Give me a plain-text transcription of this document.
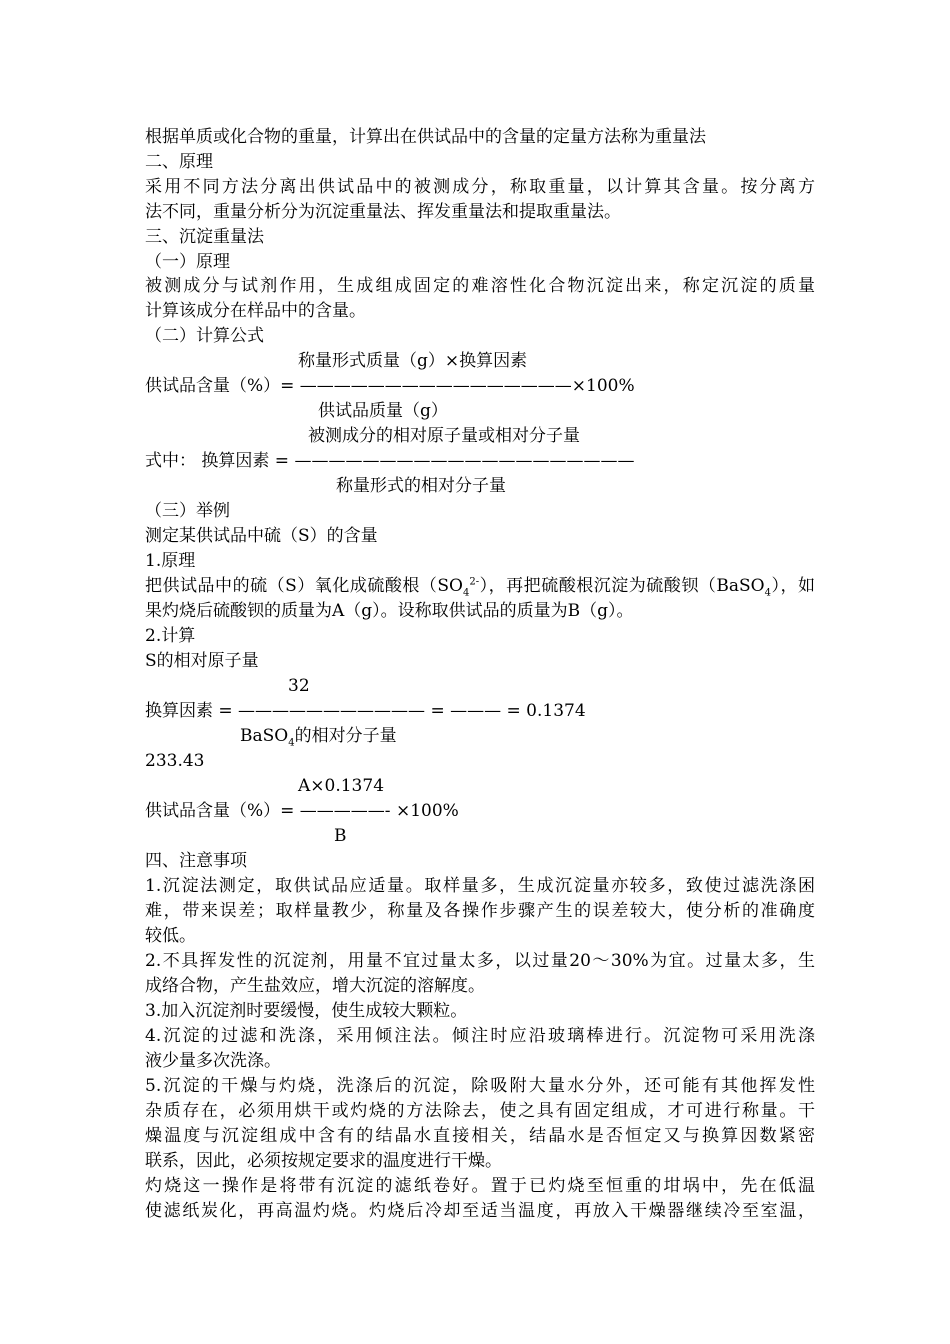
根据单质或化合物的重量，计算出在供试品中的含量的定量方法称为重量法
二、原理
采用不同方法分离出供试品中的被测成分，称取重量，以计算其含量。按分离方
法不同，重量分析分为沉淀重量法、挥发重量法和提取重量法。
三、沉淀重量法
（一）原理
被测成分与试剂作用，生成组成固定的难溶性化合物沉淀出来，称定沉淀的质量
计算该成分在样品中的含量。
（二）计算公式
称量形式质量（g）×换算因素
供试品含量（%）= ————————————————×100%
供试品质量（g）
被测成分的相对原子量或相对分子量
式中： 换算因素 = ————————————————————
称量形式的相对分子量
（三）举例
测定某供试品中硫（S）的含量
1.原理
把供试品中的硫（S）氧化成硫酸根$(SO_4^{2-})$，再把硫酸根沉淀为硫酸钡（BaSO$_4$），如
果灼烧后硫酸钡的质量为A（g）。设称取供试品的质量为B（g）。
2.计算
S的相对原子量
32
换算因素 = ——————————— = ——— = 0.1374
BaSO$_4$的相对分子量
233.43
A×0.1374
供试品含量（%）= —————- ×100%
B
四、注意事项
1.沉淀法测定，取供试品应适量。取样量多，生成沉淀量亦较多，致使过滤洗涤困
难，带来误差；取样量教少，称量及各操作步骤产生的误差较大，使分析的准确度
较低。
2.不具挥发性的沉淀剂，用量不宜过量太多，以过量20～30%为宜。过量太多，生
成络合物，产生盐效应，增大沉淀的溶解度。
3.加入沉淀剂时要缓慢，使生成较大颗粒。
4.沉淀的过滤和洗涤，采用倾注法。倾注时应沿玻璃棒进行。沉淀物可采用洗涤
液少量多次洗涤。
5.沉淀的干燥与灼烧，洗涤后的沉淀，除吸附大量水分外，还可能有其他挥发性
杂质存在，必须用烘干或灼烧的方法除去，使之具有固定组成，才可进行称量。干
燥温度与沉淀组成中含有的结晶水直接相关，结晶水是否恒定又与换算因数紧密
联系，因此，必须按规定要求的温度进行干燥。
灼烧这一操作是将带有沉淀的滤纸卷好。置于已灼烧至恒重的坩埚中，先在低温
使滤纸炭化，再高温灼烧。灼烧后冷却至适当温度，再放入干燥器继续冷至室温，
